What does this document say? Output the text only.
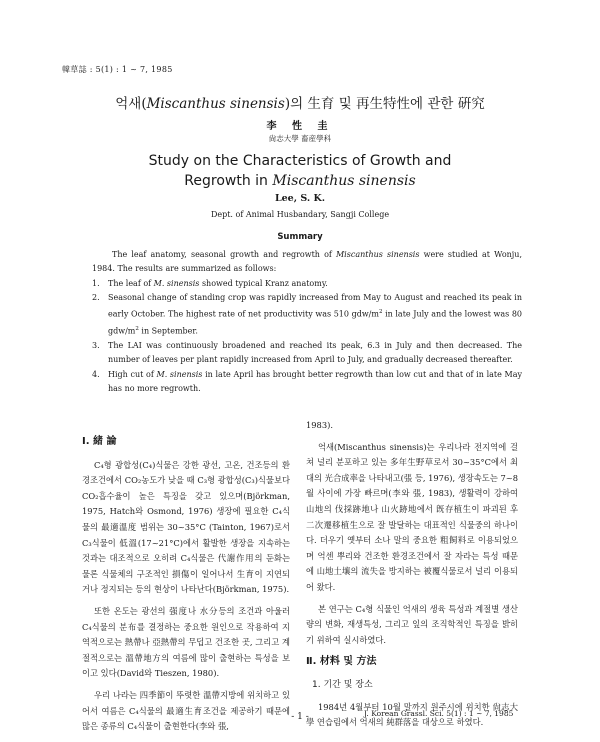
韓草誌 : 5(1) : 1 ~ 7, 1985
억새(Miscanthus sinensis)의 生育 및 再生特性에 관한 硏究
李 性 圭
尙志大學 畜産學科
Study on the Characteristics of Growth and
Regrowth in Miscanthus sinensis
Lee, S. K.
Dept. of Animal Husbandary, Sangji College
Summary

The leaf anatomy, seasonal growth and regrowth of Miscanthus sinensis were studied at Wonju, 1984. The results are summarized as follows:

1.	The leaf of M. sinensis showed typical Kranz anatomy.
2.	Seasonal change of standing crop was rapidly increased from May to August and reached its peak in early October. The highest rate of net productivity was 510 gdw/$m^2$ in late July and the lowest was 80 gdw/$m^2$ in September.
3.	The LAI was continuously broadened and reached its peak, 6.3 in July and then decreased. The number of leaves per plant rapidly increased from April to July, and gradually decreased thereafter.
4.	High cut of M. sinensis in late April has brought better regrowth than low cut and that of in late May has no more regrowth.
Ⅰ. 緒 論

C₄형 광합성(C₄)식물은 강한 광선, 고온, 건조등의 환경조건에서 CO₂농도가 낮을 때 C₃형 광합성(C₃)식물보다 CO₂흡수율이 높은 특징을 갖고 있으며(Björkman, 1975, Hatch와 Osmond, 1976) 생장에 필요한 C₄식물의 最適溫度 범위는 30~35°C (Tainton, 1967)로서 C₃식물이 低溫(17~21°C)에서 활발한 생장을 지속하는 것과는 대조적으로 오히려 C₄식물은 代謝作用의 둔화는 물론 식물체의 구조적인 損傷이 일어나서 生育이 지연되거나 정지되는 등의 현상이 나타난다(Björkman, 1975).

또한 온도는 광선의 强度나 水分등의 조건과 아울러 C₄식물의 분布를 결정하는 중요한 원인으로 작용하여 지역적으로는 熱帶나 亞熱帶의 무덥고 건조한 곳, 그리고 계절적으로는 溫帶地方의 여름에 많이 출현하는 특성을 보이고 있다(David와 Tieszen, 1980).

우리 나라는 四季節이 뚜렷한 溫帶지방에 위치하고 있어서 여름은 C₄식물의 最適生育조건을 제공하기 때문에 많은 종류의 C₄식물이 출현한다(李와 張,

1983).

억새(Miscanthus sinensis)는 우리나라 전지역에 걸쳐 널리 분포하고 있는 多年生野草로서 30~35°C에서 최대의 光合成率을 나타내고(張 등, 1976), 생장속도는 7~8월 사이에 가장 빠르며(李와 張, 1983), 생활력이 강하여 山地의 伐採跡地나 山火跡地에서 旣存植生이 파괴된 후 二次遷移植生으로 잘 발달하는 대표적인 식물중의 하나이다. 더우기 옛부터 소나 말의 중요한 粗飼料로 이용되었으며 억센 뿌리와 건조한 환경조건에서 잘 자라는 특성 때문에 山地土壤의 流失을 방지하는 被覆식물로서 널리 이용되어 왔다.

본 연구는 C₄형 식물인 억새의 생육 특성과 계절별 생산량의 변화, 재생특성, 그리고 잎의 조직학적인 특징을 밝히기 위하여 실시하였다.

Ⅱ. 材料 및 方法
1. 기간 및 장소

1984년 4월부터 10월 말까지 원주시에 위치한 尙志大學 연습림에서 억새의 純群落을 대상으로 하였다.

- 1 -	J. Korean Grassl. Sci. 5(1) : 1 ~ 7, 1985
